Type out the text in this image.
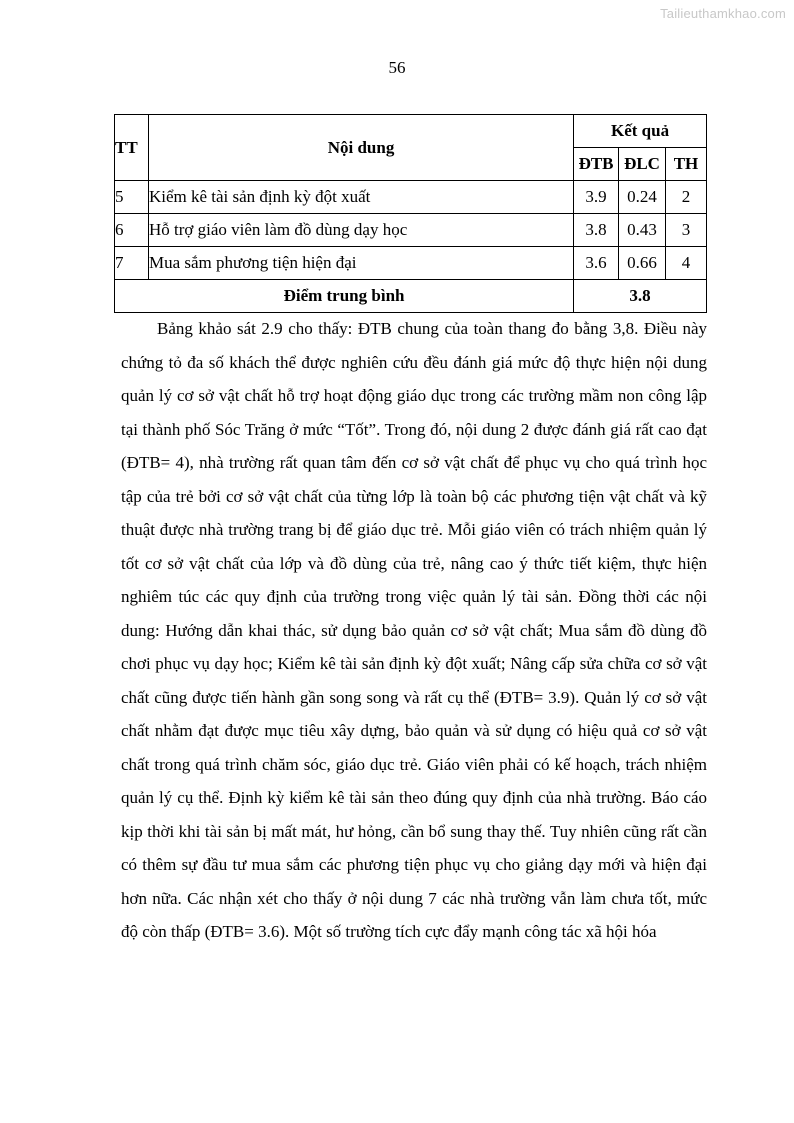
Tailieuthamkhao.com
56
TT	Nội dung	Kết quả		
		ĐTB	ĐLC	TH
5	Kiểm kê tài sản định kỳ đột xuất	3.9	0.24	2
6	Hỗ trợ giáo viên làm đồ dùng dạy học	3.8	0.43	3
7	Mua sắm phương tiện hiện đại	3.6	0.66	4
Điểm trung bình		3.8		

Bảng khảo sát 2.9 cho thấy: ĐTB chung của toàn thang đo bằng 3,8. Điều này chứng tỏ đa số khách thể được nghiên cứu đều đánh giá mức độ thực hiện nội dung quản lý cơ sở vật chất hỗ trợ hoạt động giáo dục trong các trường mầm non công lập tại thành phố Sóc Trăng ở mức “Tốt”. Trong đó, nội dung 2 được đánh giá rất cao đạt (ĐTB= 4), nhà trường rất quan tâm đến cơ sở vật chất để phục vụ cho quá trình học tập của trẻ bởi cơ sở vật chất của từng lớp là toàn bộ các phương tiện vật chất và kỹ thuật được nhà trường trang bị để giáo dục trẻ. Mỗi giáo viên có trách nhiệm quản lý tốt cơ sở vật chất của lớp và đồ dùng của trẻ, nâng cao ý thức tiết kiệm, thực hiện nghiêm túc các quy định của trường trong việc quản lý tài sản. Đồng thời các nội dung: Hướng dẫn khai thác, sử dụng bảo quản cơ sở vật chất; Mua sắm đồ dùng đồ chơi phục vụ dạy học; Kiểm kê tài sản định kỳ đột xuất; Nâng cấp sửa chữa cơ sở vật chất cũng được tiến hành gần song song và rất cụ thể (ĐTB= 3.9). Quản lý cơ sở vật chất nhằm đạt được mục tiêu xây dựng, bảo quản và sử dụng có hiệu quả cơ sở vật chất trong quá trình chăm sóc, giáo dục trẻ. Giáo viên phải có kế hoạch, trách nhiệm quản lý cụ thể. Định kỳ kiểm kê tài sản theo đúng quy định của nhà trường. Báo cáo kịp thời khi tài sản bị mất mát, hư hỏng, cần bổ sung thay thế. Tuy nhiên cũng rất cần có thêm sự đầu tư mua sắm các phương tiện phục vụ cho giảng dạy mới và hiện đại hơn nữa. Các nhận xét cho thấy ở nội dung 7 các nhà trường vẫn làm chưa tốt, mức độ còn thấp (ĐTB= 3.6). Một số trường tích cực đẩy mạnh công tác xã hội hóa
